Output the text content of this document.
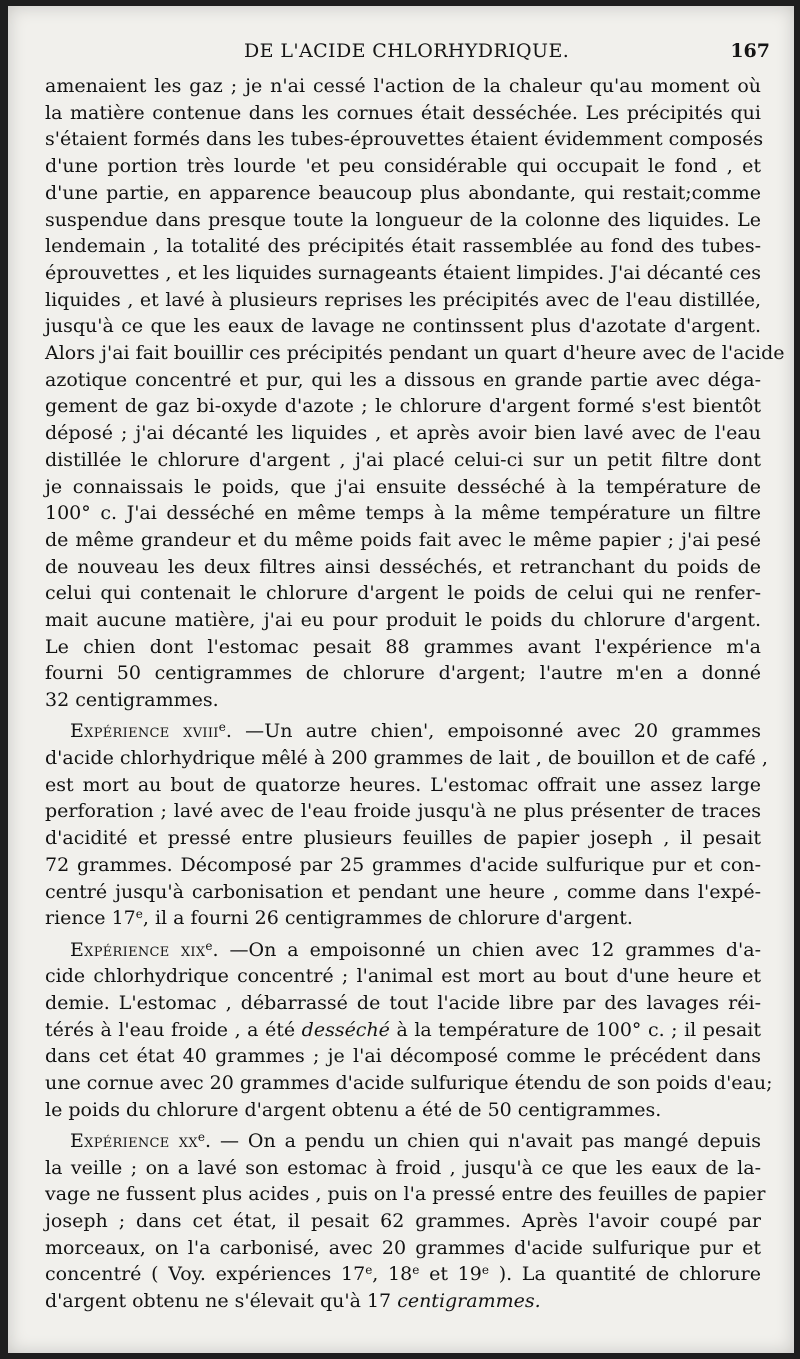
DE L'ACIDE CHLORHYDRIQUE.	167
amenaient les gaz ; je n'ai cessé l'action de la chaleur qu'au moment où
la matière contenue dans les cornues était desséchée. Les précipités qui
s'étaient formés dans les tubes-éprouvettes étaient évidemment composés
d'une portion très lourde 'et peu considérable qui occupait le fond , et
d'une partie, en apparence beaucoup plus abondante, qui restait;comme
suspendue dans presque toute la longueur de la colonne des liquides. Le
lendemain , la totalité des précipités était rassemblée au fond des tubes-
éprouvettes , et les liquides surnageants étaient limpides. J'ai décanté ces
liquides , et lavé à plusieurs reprises les précipités avec de l'eau distillée,
jusqu'à ce que les eaux de lavage ne continssent plus d'azotate d'argent.
Alors j'ai fait bouillir ces précipités pendant un quart d'heure avec de l'acide
azotique concentré et pur, qui les a dissous en grande partie avec déga-
gement de gaz bi-oxyde d'azote ; le chlorure d'argent formé s'est bientôt
déposé ; j'ai décanté les liquides , et après avoir bien lavé avec de l'eau
distillée le chlorure d'argent , j'ai placé celui-ci sur un petit filtre dont
je connaissais le poids, que j'ai ensuite desséché à la température de
100° c. J'ai desséché en même temps à la même température un filtre
de même grandeur et du même poids fait avec le même papier ; j'ai pesé
de nouveau les deux filtres ainsi desséchés, et retranchant du poids de
celui qui contenait le chlorure d'argent le poids de celui qui ne renfer-
mait aucune matière, j'ai eu pour produit le poids du chlorure d'argent.
Le chien dont l'estomac pesait 88 grammes avant l'expérience m'a
fourni 50 centigrammes de chlorure d'argent; l'autre m'en a donné
32 centigrammes.
Expérience xviii$^e$. —Un autre chien', empoisonné avec 20 grammes
d'acide chlorhydrique mêlé à 200 grammes de lait , de bouillon et de café ,
est mort au bout de quatorze heures. L'estomac offrait une assez large
perforation ; lavé avec de l'eau froide jusqu'à ne plus présenter de traces
d'acidité et pressé entre plusieurs feuilles de papier joseph , il pesait
72 grammes. Décomposé par 25 grammes d'acide sulfurique pur et con-
centré jusqu'à carbonisation et pendant une heure , comme dans l'expé-
rience 17e, il a fourni 26 centigrammes de chlorure d'argent.
Expérience xix$^e$. —On a empoisonné un chien avec 12 grammes d'a-
cide chlorhydrique concentré ; l'animal est mort au bout d'une heure et
demie. L'estomac , débarrassé de tout l'acide libre par des lavages réi-
térés à l'eau froide , a été desséché à la température de 100° c. ; il pesait
dans cet état 40 grammes ; je l'ai décomposé comme le précédent dans
une cornue avec 20 grammes d'acide sulfurique étendu de son poids d'eau;
le poids du chlorure d'argent obtenu a été de 50 centigrammes.
Expérience $xx^e$. — On a pendu un chien qui n'avait pas mangé depuis
la veille ; on a lavé son estomac à froid , jusqu'à ce que les eaux de la-
vage ne fussent plus acides , puis on l'a pressé entre des feuilles de papier
joseph ; dans cet état, il pesait 62 grammes. Après l'avoir coupé par
morceaux, on l'a carbonisé, avec 20 grammes d'acide sulfurique pur et
concentré ( Voy. expériences 17e, 18e et 19e ). La quantité de chlorure
d'argent obtenu ne s'élevait qu'à 17 centigrammes.
